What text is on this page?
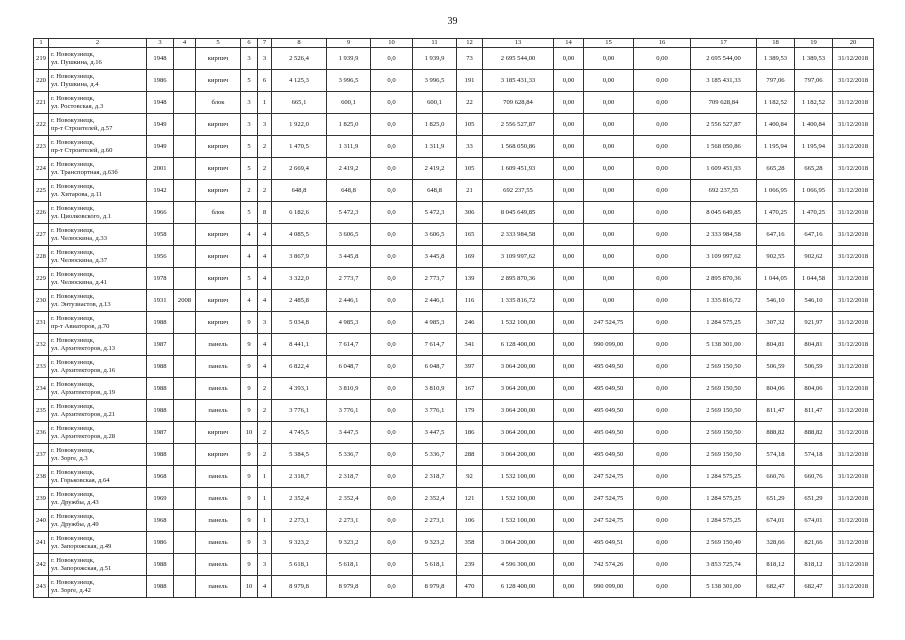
39
1	2	3	4	5	6	7	8	9	10	11	12	13	14	15	16	17	18	19	20
219	г. Новокузнецк,
ул. Пушкина, д.16	1948		кирпич	3	3	2 526,4	1 939,9	0,0	1 939,9	73	2 695 544,00	0,00	0,00	0,00	2 695 544,00	1 389,53	1 389,53	31/12/2018
220	г. Новокузнецк,
ул. Пушкина, д.4	1986		кирпич	5	6	4 125,3	3 996,5	0,0	3 996,5	191	3 185 431,33	0,00	0,00	0,00	3 185 431,33	797,06	797,06	31/12/2018
221	г. Новокузнецк,
ул. Ростовская, д.3	1948		блок	3	1	665,1	600,1	0,0	600,1	22	709 628,84	0,00	0,00	0,00	709 628,84	1 182,52	1 182,52	31/12/2018
222	г. Новокузнецк,
пр-т Строителей, д.57	1949		кирпич	3	3	1 922,0	1 825,0	0,0	1 825,0	105	2 556 527,87	0,00	0,00	0,00	2 556 527,87	1 400,84	1 400,84	31/12/2018
223	г. Новокузнецк,
пр-т Строителей, д.60	1949		кирпич	5	2	1 470,5	1 311,9	0,0	1 311,9	33	1 568 050,86	0,00	0,00	0,00	1 568 050,86	1 195,94	1 195,94	31/12/2018
224	г. Новокузнецк,
ул. Транспортная, д.63б	2001		кирпич	5	2	2 669,4	2 419,2	0,0	2 419,2	105	1 609 451,93	0,00	0,00	0,00	1 609 451,93	665,28	665,28	31/12/2018
225	г. Новокузнецк,
ул. Хитарова, д.11	1942		кирпич	2	2	648,8	648,8	0,0	648,8	21	692 237,55	0,00	0,00	0,00	692 237,55	1 066,95	1 066,95	31/12/2018
226	г. Новокузнецк,
ул. Циолковского, д.1	1966		блок	5	8	6 182,6	5 472,3	0,0	5 472,3	306	8 045 649,85	0,00	0,00	0,00	8 045 649,85	1 470,25	1 470,25	31/12/2018
227	г. Новокузнецк,
ул. Челюскина, д.33	1958		кирпич	4	4	4 085,5	3 606,5	0,0	3 606,5	165	2 333 984,58	0,00	0,00	0,00	2 333 984,58	647,16	647,16	31/12/2018
228	г. Новокузнецк,
ул. Челюскина, д.37	1956		кирпич	4	4	3 867,9	3 445,8	0,0	3 445,8	169	3 109 997,62	0,00	0,00	0,00	3 109 997,62	902,55	902,62	31/12/2018
229	г. Новокузнецк,
ул. Челюскина, д.41	1978		кирпич	5	4	3 322,0	2 773,7	0,0	2 773,7	139	2 895 870,36	0,00	0,00	0,00	2 895 870,36	1 044,05	1 044,58	31/12/2018
230	г. Новокузнецк,
ул. Энтузиастов, д.13	1931	2008	кирпич	4	4	2 485,8	2 446,1	0,0	2 446,1	116	1 335 816,72	0,00	0,00	0,00	1 335 816,72	546,10	546,10	31/12/2018
231	г. Новокузнецк,
пр-т Авиаторов, д.70	1988		кирпич	9	3	5 034,8	4 985,3	0,0	4 985,3	246	1 532 100,00	0,00	247 524,75	0,00	1 284 575,25	307,32	921,97	31/12/2018
232	г. Новокузнецк,
ул. Архитекторов, д.13	1987		панель	9	4	8 441,1	7 614,7	0,0	7 614,7	341	6 128 400,00	0,00	990 099,00	0,00	5 138 301,00	804,81	804,81	31/12/2018
233	г. Новокузнецк,
ул. Архитекторов, д.16	1988		панель	9	4	6 822,4	6 048,7	0,0	6 048,7	397	3 064 200,00	0,00	495 049,50	0,00	2 569 150,50	506,59	506,59	31/12/2018
234	г. Новокузнецк,
ул. Архитекторов, д.19	1988		панель	9	2	4 393,1	3 810,9	0,0	3 810,9	167	3 064 200,00	0,00	495 049,50	0,00	2 569 150,50	804,06	804,06	31/12/2018
235	г. Новокузнецк,
ул. Архитекторов, д.21	1988		панель	9	2	3 776,1	3 776,1	0,0	3 776,1	179	3 064 200,00	0,00	495 049,50	0,00	2 569 150,50	811,47	811,47	31/12/2018
236	г. Новокузнецк,
ул. Архитекторов, д.28	1987		кирпич	10	2	4 745,5	3 447,5	0,0	3 447,5	186	3 064 200,00	0,00	495 049,50	0,00	2 569 150,50	888,82	888,82	31/12/2018
237	г. Новокузнецк,
ул. Зорге, д.3	1988		кирпич	9	2	5 384,5	5 336,7	0,0	5 336,7	288	3 064 200,00	0,00	495 049,50	0,00	2 569 150,50	574,18	574,18	31/12/2018
238	г. Новокузнецк,
ул. Горьковская, д.64	1968		панель	9	1	2 318,7	2 318,7	0,0	2 318,7	92	1 532 100,00	0,00	247 524,75	0,00	1 284 575,25	660,76	660,76	31/12/2018
239	г. Новокузнецк,
ул. Дружбы, д.43	1969		панель	9	1	2 352,4	2 352,4	0,0	2 352,4	121	1 532 100,00	0,00	247 524,75	0,00	1 284 575,25	651,29	651,29	31/12/2018
240	г. Новокузнецк,
ул. Дружбы, д.49	1968		панель	9	1	2 273,1	2 273,1	0,0	2 273,1	106	1 532 100,00	0,00	247 524,75	0,00	1 284 575,25	674,01	674,01	31/12/2018
241	г. Новокузнецк,
ул. Запорожская, д.49	1986		панель	9	3	9 323,2	9 323,2	0,0	9 323,2	358	3 064 200,00	0,00	495 049,51	0,00	2 569 150,49	328,66	821,66	31/12/2018
242	г. Новокузнецк,
ул. Запорожская, д.51	1988		панель	9	3	5 618,1	5 618,1	0,0	5 618,1	239	4 596 300,00	0,00	742 574,26	0,00	3 853 725,74	818,12	818,12	31/12/2018
243	г. Новокузнецк,
ул. Зорге, д.42	1988		панель	10	4	8 979,8	8 979,8	0,0	8 979,8	470	6 128 400,00	0,00	990 099,00	0,00	5 138 301,00	682,47	682,47	31/12/2018
